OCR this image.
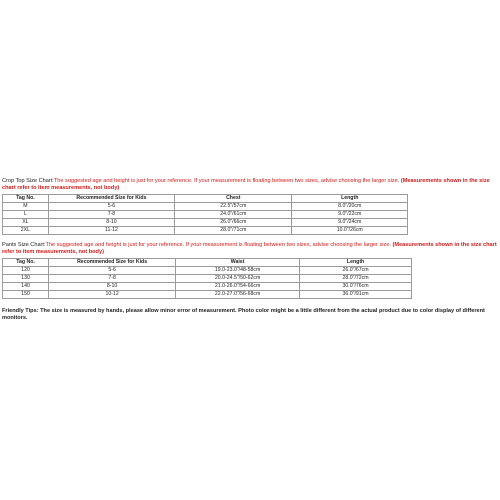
Crop Top Size Chart:The suggested age and height is just for your reference. If your measurement is floating between two sizes, advise choosing the larger size. (Measurements shown in the size chart refer to item measurements, not body)

Tag No.	Recommended Size for Kids	Chest	Length
M	5-6	22.5"/57cm	8.0"/20cm
L	7-8	24.0"/61cm	9.0"/22cm
XL	8-10	26.0"/66cm	9.0"/24cm
2XL	11-12	28.0"/71cm	10.0"/26cm

Pants Size Chart:The suggested age and height is just for your reference. If your measurement is floating between two sizes, advise choosing the larger size. (Measurements shown in the size chart refer to item measurements, not body)

Tag No.	Recommended Size for Kids	Waist	Length
120	5-6	19.0-23.0"/48-58cm	26.0"/67cm
130	7-8	20.0-24.5"/50-62cm	28.0"/72cm
140	8-10	21.0-26.0"/54-66cm	30.0"/76cm
150	10-12	22.0-27.0"/56-68cm	36.0"/91cm
Friendly Tips: The size is measured by hands, please allow minor error of measurement. Photo color might be a little different from the actual product due to color display of different monitors.
